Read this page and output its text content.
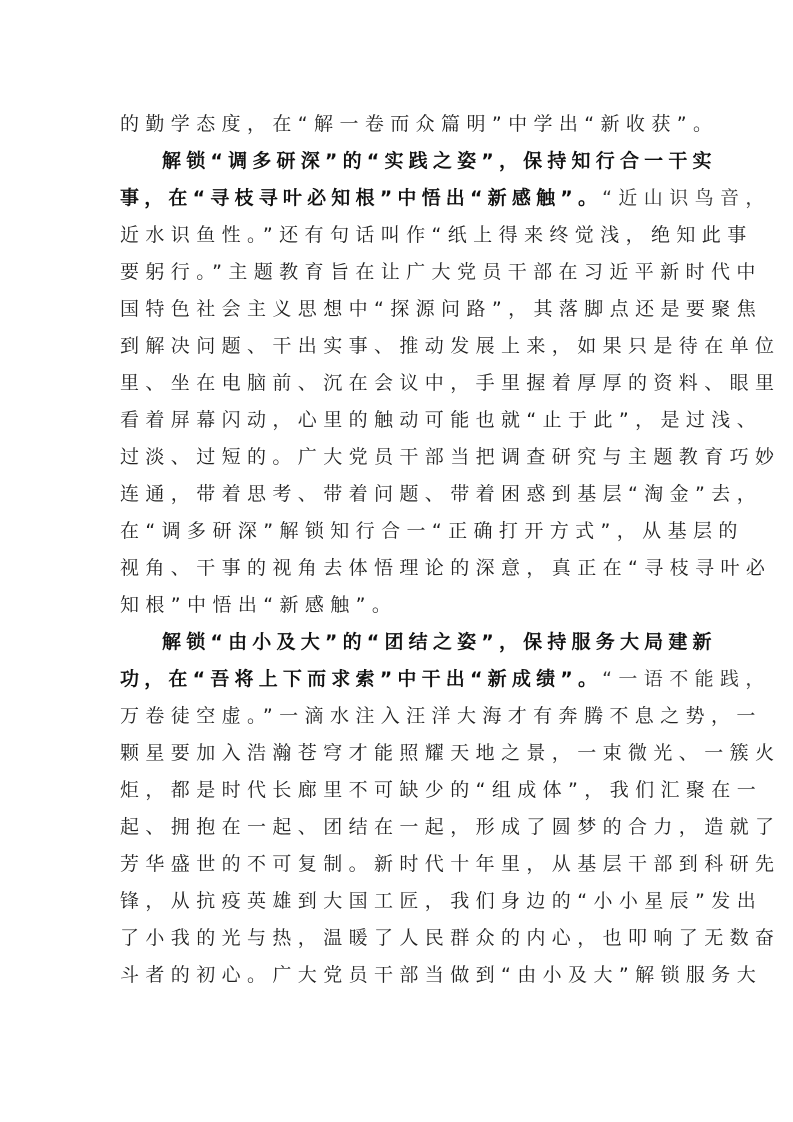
的勤学态度，在“解一卷而众篇明”中学出“新收获”。
解锁“调多研深”的“实践之姿”，保持知行合一干实
事，在“寻枝寻叶必知根”中悟出“新感触”。“近山识鸟音，
近水识鱼性。”还有句话叫作“纸上得来终觉浅，绝知此事
要躬行。”主题教育旨在让广大党员干部在习近平新时代中
国特色社会主义思想中“探源问路”，其落脚点还是要聚焦
到解决问题、干出实事、推动发展上来，如果只是待在单位
里、坐在电脑前、沉在会议中，手里握着厚厚的资料、眼里
看着屏幕闪动，心里的触动可能也就“止于此”，是过浅、
过淡、过短的。广大党员干部当把调查研究与主题教育巧妙
连通，带着思考、带着问题、带着困惑到基层“淘金”去，
在“调多研深”解锁知行合一“正确打开方式”，从基层的
视角、干事的视角去体悟理论的深意，真正在“寻枝寻叶必
知根”中悟出“新感触”。
解锁“由小及大”的“团结之姿”，保持服务大局建新
功，在“吾将上下而求索”中干出“新成绩”。“一语不能践，
万卷徒空虚。”一滴水注入汪洋大海才有奔腾不息之势，一
颗星要加入浩瀚苍穹才能照耀天地之景，一束微光、一簇火
炬，都是时代长廊里不可缺少的“组成体”，我们汇聚在一
起、拥抱在一起、团结在一起，形成了圆梦的合力，造就了
芳华盛世的不可复制。新时代十年里，从基层干部到科研先
锋，从抗疫英雄到大国工匠，我们身边的“小小星辰”发出
了小我的光与热，温暖了人民群众的内心，也叩响了无数奋
斗者的初心。广大党员干部当做到“由小及大”解锁服务大
